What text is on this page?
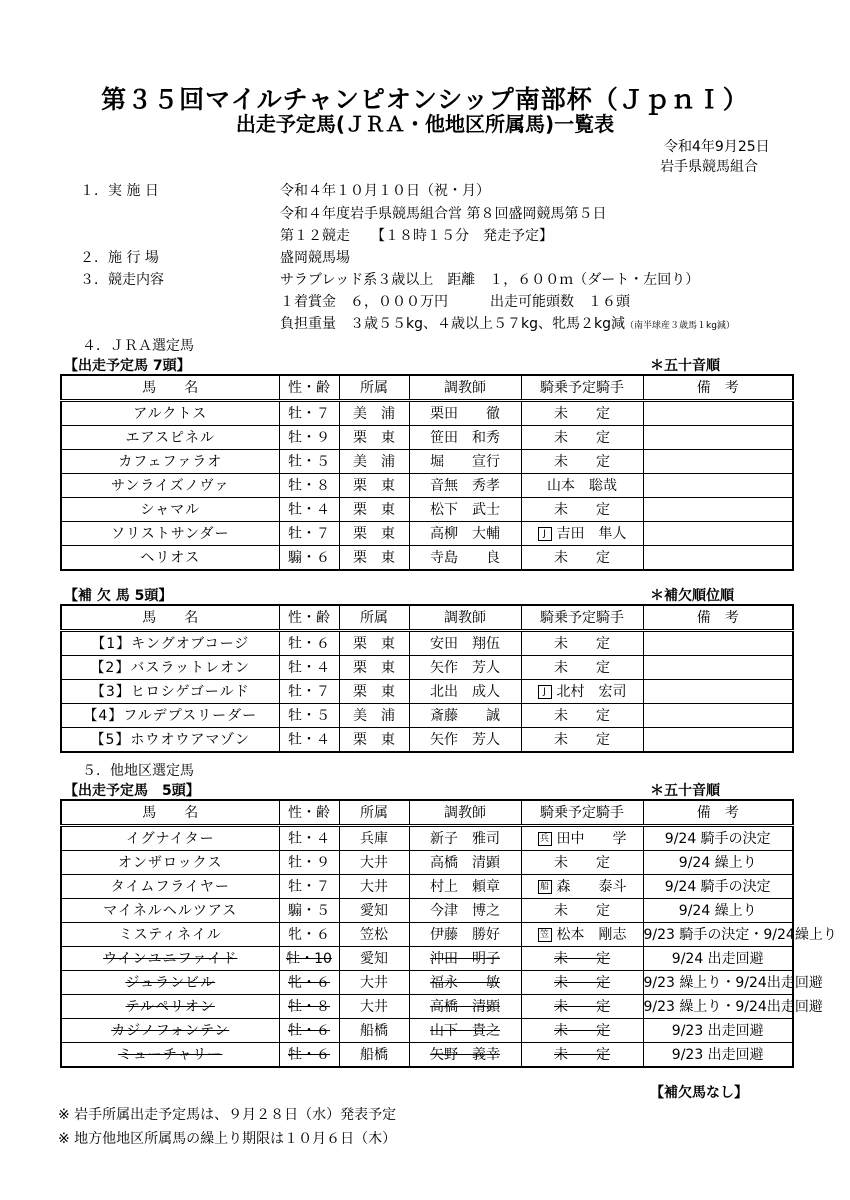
第３５回マイルチャンピオンシップ南部杯（ＪｐｎＩ）
出走予定馬(ＪＲＡ・他地区所属馬)一覧表
令和4年9月25日
岩手県競馬組合
１．実 施 日	令和４年１０月１０日（祝・月）
令和４年度岩手県競馬組合営 第８回盛岡競馬第５日
第１２競走　　【１８時１５分　発走予定】
２．施 行 場	盛岡競馬場
３．競走内容	サラブレッド系３歳以上　距離　１，６００ｍ（ダート・左回り）
１着賞金　６，０００万円　　　出走可能頭数　１６頭
負担重量　３歳５５kg、４歳以上５７kg、牝馬２kg減（南半球産３歳馬１kg減）
４．ＪＲＡ選定馬
【出走予定馬 7頭】	＊五十音順
馬　　名	性・齢	所属	調教師	騎乗予定騎手	備　考
アルクトス	牡・７	美　浦	栗田　　徹	未　　定	
エアスピネル	牡・９	栗　東	笹田　和秀	未　　定	
カフェファラオ	牡・５	美　浦	堀　　宣行	未　　定	
サンライズノヴァ	牡・８	栗　東	音無　秀孝	山本　聡哉	
シャマル	牡・４	栗　東	松下　武士	未　　定	
ソリストサンダー	牡・７	栗　東	高柳　大輔	J 吉田　隼人	
ヘリオス	騸・６	栗　東	寺島　　良	未　　定	
【補 欠 馬 5頭】	＊補欠順位順
馬　　名	性・齢	所属	調教師	騎乗予定騎手	備　考
【1】キングオブコージ	牡・６	栗　東	安田　翔伍	未　　定	
【2】バスラットレオン	牡・４	栗　東	矢作　芳人	未　　定	
【3】ヒロシゲゴールド	牡・７	栗　東	北出　成人	J 北村　宏司	
【4】フルデプスリーダー	牡・５	美　浦	斎藤　　誠	未　　定	
【5】ホウオウアマゾン	牡・４	栗　東	矢作　芳人	未　　定	
５．他地区選定馬
【出走予定馬　5頭】	＊五十音順
馬　　名	性・齢	所属	調教師	騎乗予定騎手	備　考
イグナイター	牡・４	兵庫	新子　雅司	兵 田中　　学	9/24 騎手の決定
オンザロックス	牡・９	大井	高橋　清顕	未　　定	9/24 繰上り
タイムフライヤー	牡・７	大井	村上　頼章	船 森　　泰斗	9/24 騎手の決定
マイネルヘルツアス	騸・５	愛知	今津　博之	未　　定	9/24 繰上り
ミスティネイル	牝・６	笠松	伊藤　勝好	笠 松本　剛志	9/23 騎手の決定・9/24繰上り
ウインユニファイド	牡・10	愛知	沖田　明子	未　　定	9/24 出走回避
ジュランビル	牝・６	大井	福永　　敏	未　　定	9/23 繰上り・9/24出走回避
テルペリオン	牡・８	大井	高橋　清顕	未　　定	9/23 繰上り・9/24出走回避
カジノフォンテン	牡・６	船橋	山下　貴之	未　　定	9/23 出走回避
ミューチャリー	牡・６	船橋	矢野　義幸	未　　定	9/23 出走回避
【補欠馬なし】
※ 岩手所属出走予定馬は、９月２８日（水）発表予定
※ 地方他地区所属馬の繰上り期限は１０月６日（木）
